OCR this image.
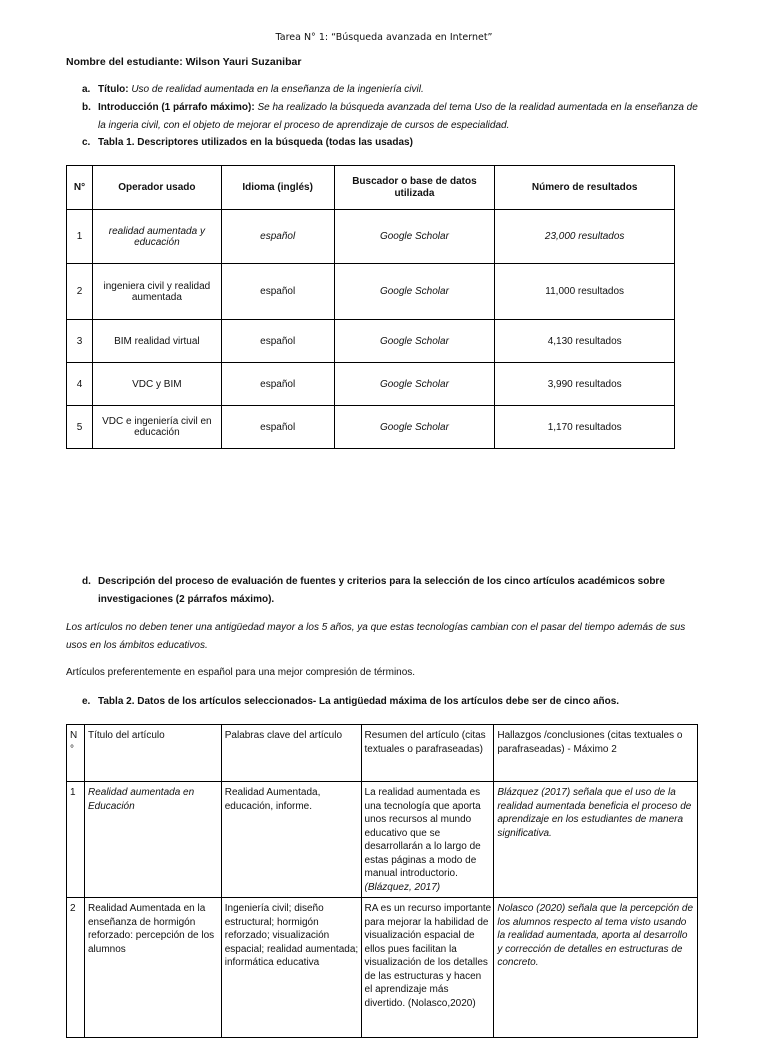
Tarea N° 1: “Búsqueda avanzada en Internet”
Nombre del estudiante: Wilson Yauri Suzanibar
a. Título: Uso de realidad aumentada en la enseñanza de la ingeniería civil.
b. Introducción (1 párrafo máximo): Se ha realizado la búsqueda avanzada del tema Uso de la realidad aumentada en la enseñanza de
la ingeria civil, con el objeto de mejorar el proceso de aprendizaje de cursos de especialidad.
c. Tabla 1. Descriptores utilizados en la búsqueda (todas las usadas)
N°	Operador usado	Idioma (inglés)	Buscador o base de datos utilizada	Número de resultados
1	realidad aumentada y educación	español	Google Scholar	23,000 resultados
2	ingeniera civil y realidad aumentada	español	Google Scholar	11,000 resultados
3	BIM realidad virtual	español	Google Scholar	4,130 resultados
4	VDC y BIM	español	Google Scholar	3,990 resultados
5	VDC e ingeniería civil en educación	español	Google Scholar	1,170 resultados
d. Descripción del proceso de evaluación de fuentes y criterios para la selección de los cinco artículos académicos sobre
investigaciones (2 párrafos máximo).
Los artículos no deben tener una antigüedad mayor a los 5 años, ya que estas tecnologías cambian con el pasar del tiempo además de sus
usos en los ámbitos educativos.
Artículos preferentemente en español para una mejor compresión de términos.
e. Tabla 2. Datos de los artículos seleccionados- La antigüedad máxima de los artículos debe ser de cinco años.
N °	Título del artículo	Palabras clave del artículo	Resumen del artículo (citas textuales o parafraseadas)	Hallazgos /conclusiones (citas textuales o parafraseadas) - Máximo 2
1	Realidad aumentada en Educación	Realidad Aumentada, educación, informe.	La realidad aumentada es una tecnología que aporta unos recursos al mundo educativo que se desarrollarán a lo largo de estas páginas a modo de manual introductorio. (Blázquez, 2017)	Blázquez (2017) señala que el uso de la realidad aumentada beneficia el proceso de aprendizaje en los estudiantes de manera significativa.
2	Realidad Aumentada en la enseñanza de hormigón reforzado: percepción de los alumnos	Ingeniería civil; diseño estructural; hormigón reforzado; visualización espacial; realidad aumentada; informática educativa	RA es un recurso importante para mejorar la habilidad de visualización espacial de ellos pues facilitan la visualización de los detalles de las estructuras y hacen el aprendizaje más divertido. (Nolasco,2020)	Nolasco (2020) señala que la percepción de los alumnos respecto al tema visto usando la realidad aumentada, aporta al desarrollo y corrección de detalles en estructuras de concreto.
